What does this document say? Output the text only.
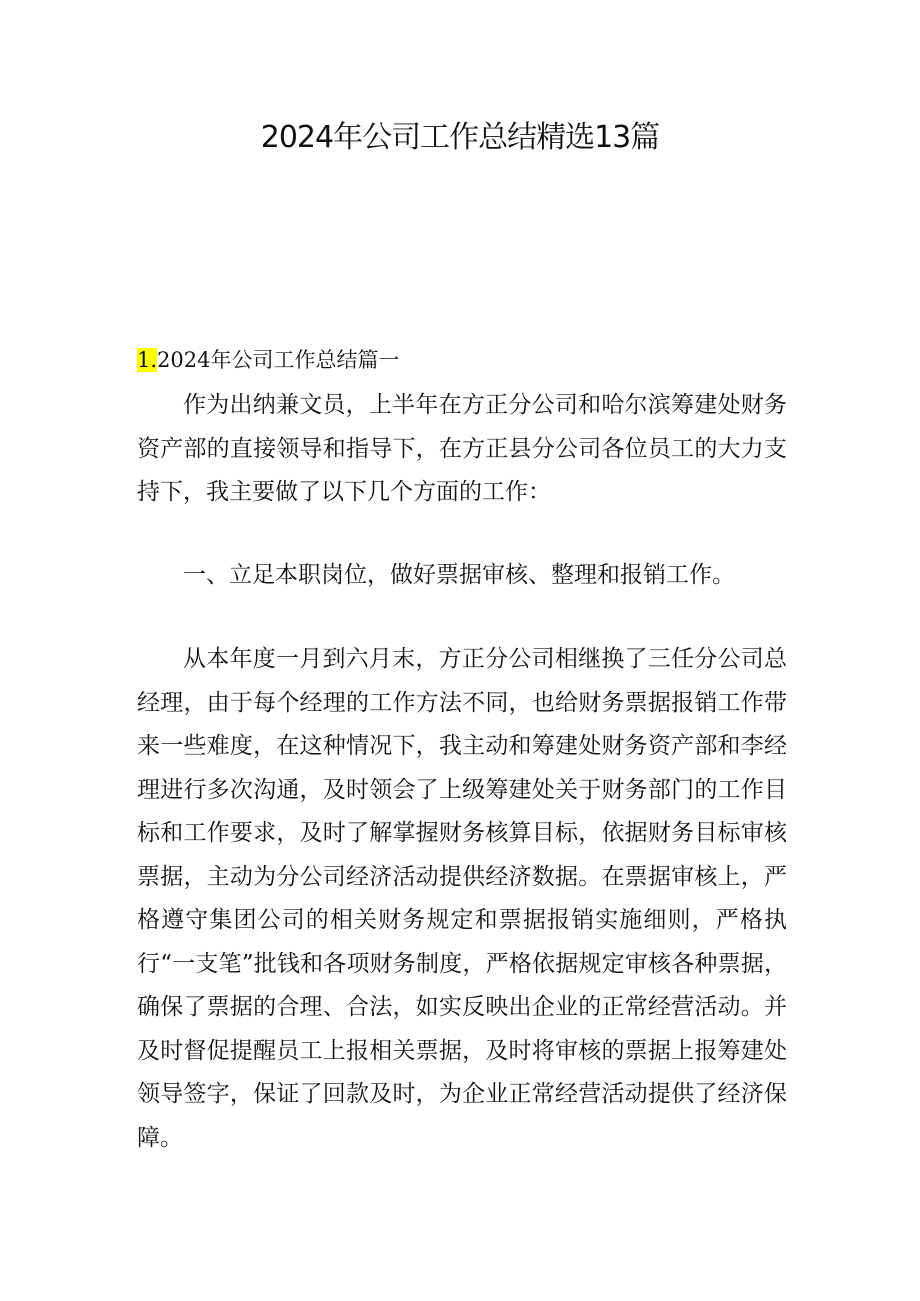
2024年公司工作总结精选13篇
1.2024年公司工作总结篇一

作为出纳兼文员，上半年在方正分公司和哈尔滨筹建处财务资产部的直接领导和指导下，在方正县分公司各位员工的大力支持下，我主要做了以下几个方面的工作：

一、立足本职岗位，做好票据审核、整理和报销工作。

从本年度一月到六月末，方正分公司相继换了三任分公司总经理，由于每个经理的工作方法不同，也给财务票据报销工作带来一些难度，在这种情况下，我主动和筹建处财务资产部和李经理进行多次沟通，及时领会了上级筹建处关于财务部门的工作目标和工作要求，及时了解掌握财务核算目标，依据财务目标审核票据，主动为分公司经济活动提供经济数据。在票据审核上，严格遵守集团公司的相关财务规定和票据报销实施细则，严格执行“一支笔”批钱和各项财务制度，严格依据规定审核各种票据，确保了票据的合理、合法，如实反映出企业的正常经营活动。并及时督促提醒员工上报相关票据，及时将审核的票据上报筹建处领导签字，保证了回款及时，为企业正常经营活动提供了经济保障。
